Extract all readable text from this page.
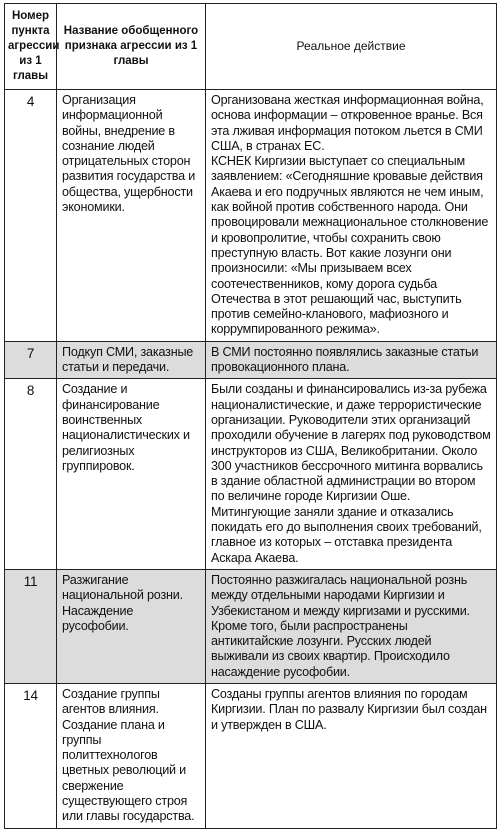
Номер пункта агрессии из 1 главы	Название обобщенного признака агрессии из 1 главы	Реальное действие
4	Организация информационной войны, внедрение в сознание людей отрицательных сторон развития государства и общества, ущербности экономики.	Организована жесткая информационная война, основа информации – откровенное вранье. Вся эта лживая информация потоком льется в СМИ США, в странах ЕС.
КСНЕК Киргизии выступает со специальным заявлением: «Сегодняшние кровавые действия Акаева и его подручных являются не чем иным, как войной против собственного народа. Они провоцировали межнациональное столкновение и кровопролитие, чтобы сохранить свою преступную власть. Вот какие лозунги они произносили: «Мы призываем всех соотечественников, кому дорога судьба Отечества в этот решающий час, выступить против семейно-кланового, мафиозного и коррумпированного режима».
7	Подкуп СМИ, заказные статьи и передачи.	В СМИ постоянно появлялись заказные статьи провокационного плана.
8	Создание и финансирование воинственных националистических и религиозных группировок.	Были созданы и финансировались из-за рубежа националистические, и даже террористические организации. Руководители этих организаций проходили обучение в лагерях под руководством инструкторов из США, Великобритании. Около 300 участников бессрочного митинга ворвались в здание областной администрации во втором по величине городе Киргизии Оше. Митингующие заняли здание и отказались покидать его до выполнения своих требований, главное из которых – отставка президента Аскара Акаева.
11	Разжигание национальной розни. Насаждение русофобии.	Постоянно разжигалась национальной рознь между отдельными народами Киргизии и Узбекистаном и между киргизами и русскими. Кроме того, были распространены антикитайские лозунги. Русских людей выживали из своих квартир. Происходило насаждение русофобии.
14	Создание группы агентов влияния. Создание плана и группы политтехнологов цветных революций и свержение существующего строя или главы государства.	Созданы группы агентов влияния по городам Киргизии. План по развалу Киргизии был создан и утвержден в США.
